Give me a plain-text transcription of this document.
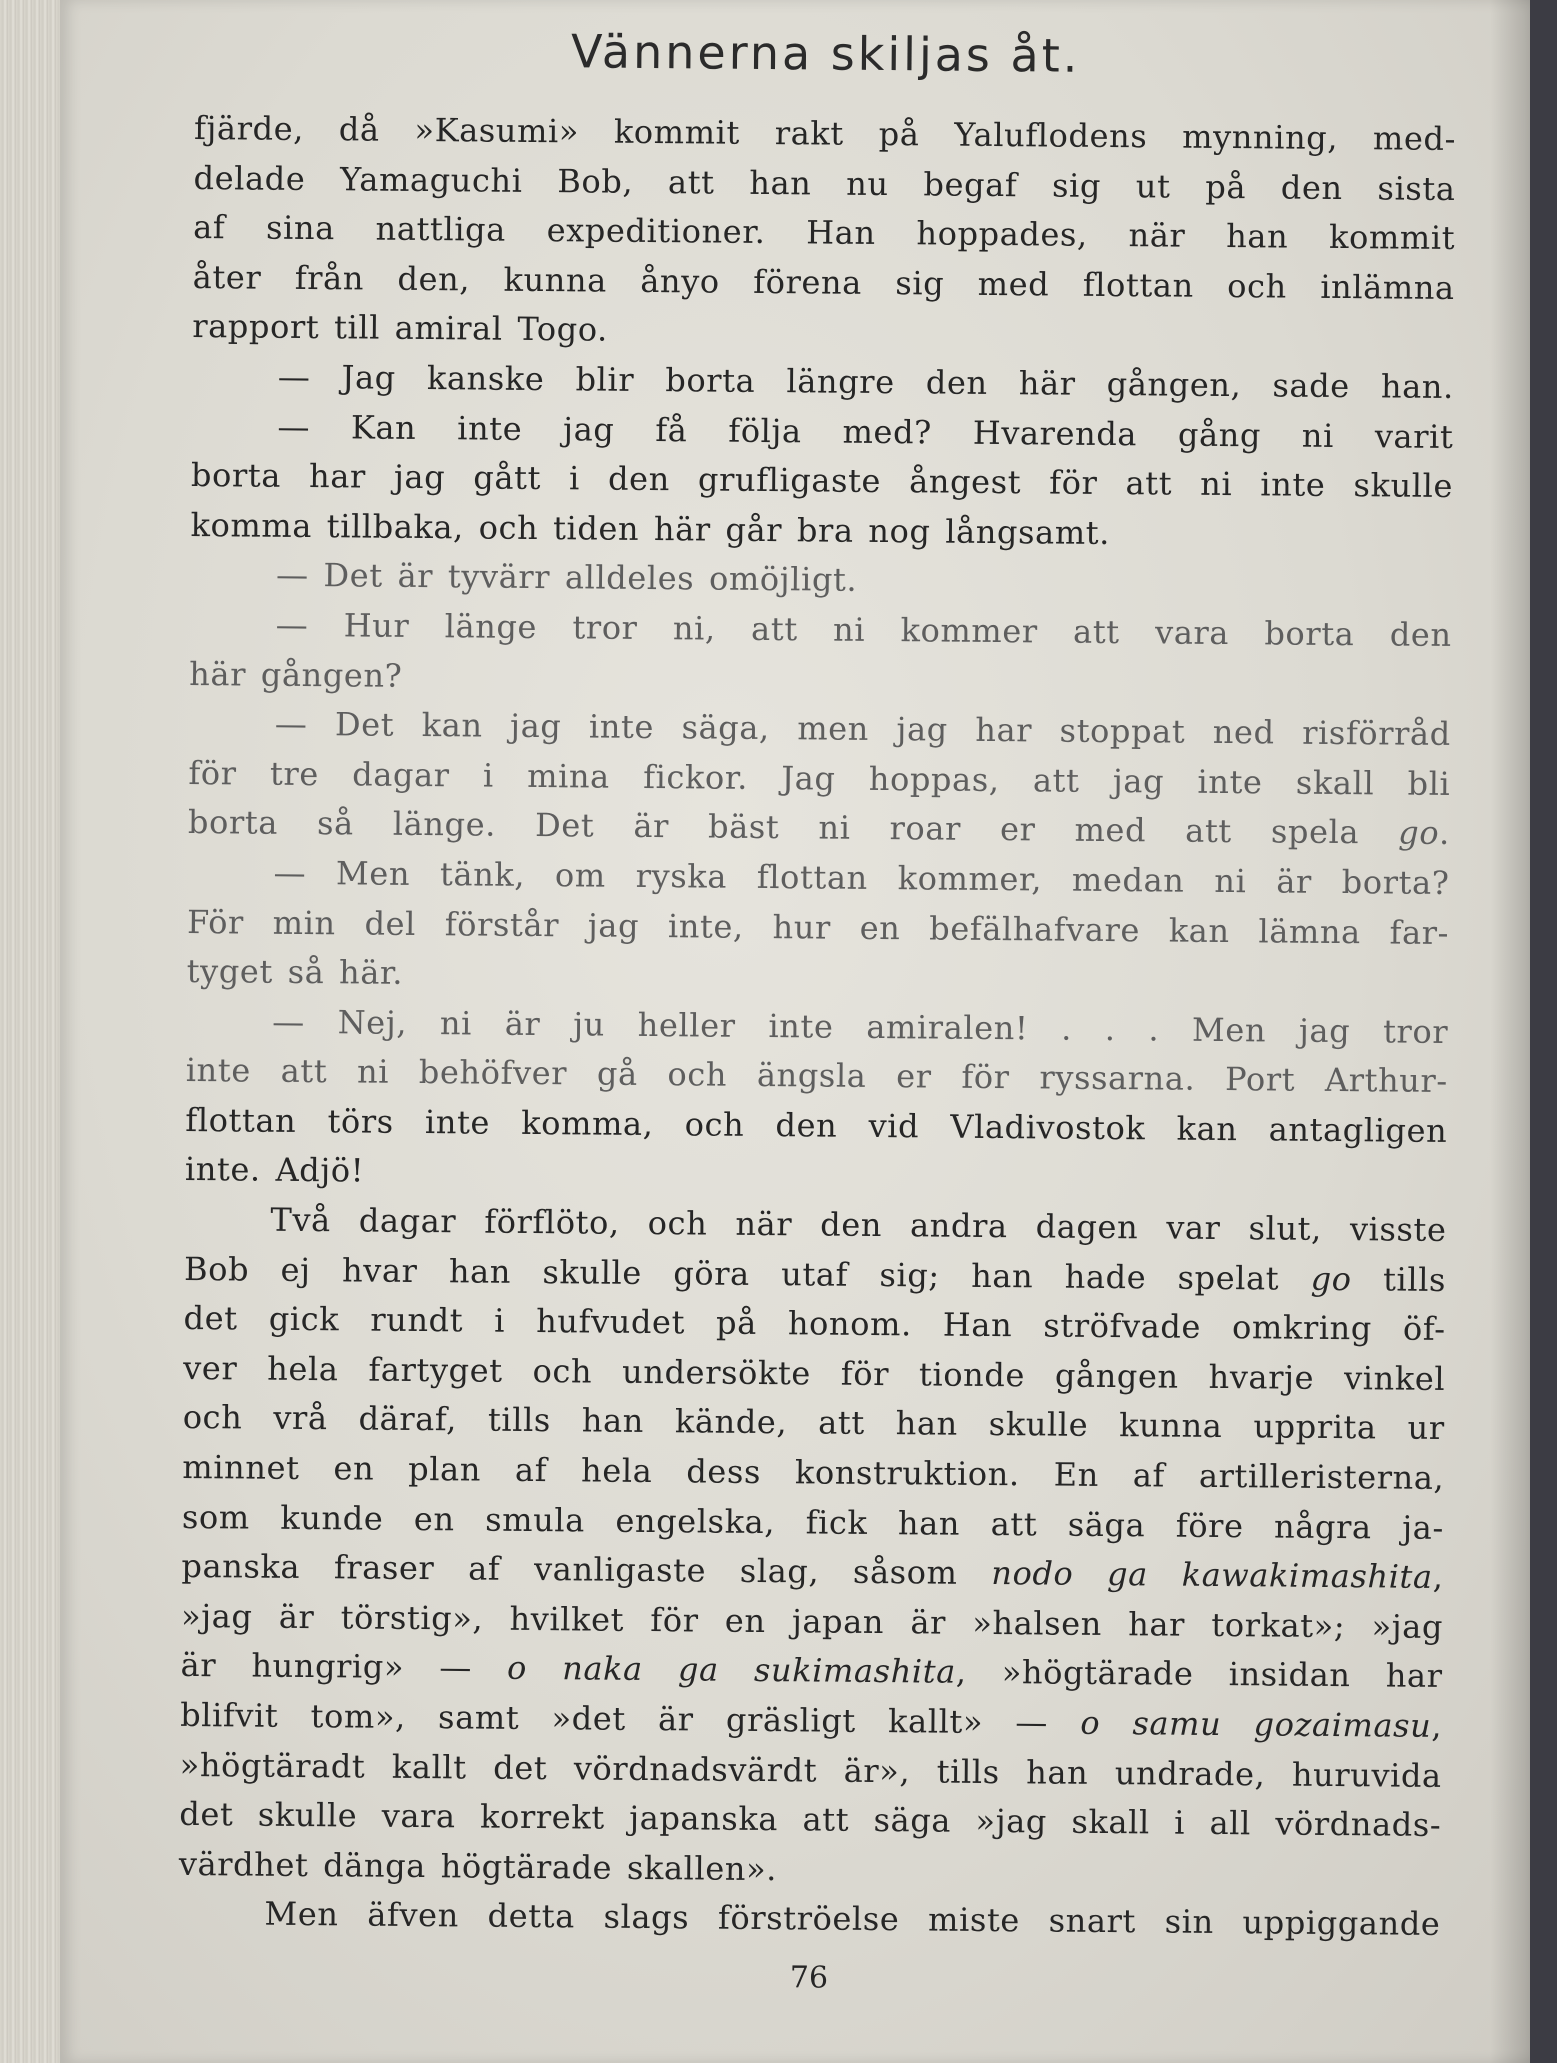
Vännerna skiljas åt.
fjärde, då »Kasumi» kommit rakt på Yaluflodens mynning, med-
delade Yamaguchi Bob, att han nu begaf sig ut på den sista
af sina nattliga expeditioner. Han hoppades, när han kommit
åter från den, kunna ånyo förena sig med flottan och inlämna
rapport till amiral Togo.
— Jag kanske blir borta längre den här gången, sade han.
— Kan inte jag få följa med? Hvarenda gång ni varit
borta har jag gått i den grufligaste ångest för att ni inte skulle
komma tillbaka, och tiden här går bra nog långsamt.
— Det är tyvärr alldeles omöjligt.
— Hur länge tror ni, att ni kommer att vara borta den
här gången?
— Det kan jag inte säga, men jag har stoppat ned risförråd
för tre dagar i mina fickor. Jag hoppas, att jag inte skall bli
borta så länge. Det är bäst ni roar er med att spela go.
— Men tänk, om ryska flottan kommer, medan ni är borta?
För min del förstår jag inte, hur en befälhafvare kan lämna far-
tyget så här.
— Nej, ni är ju heller inte amiralen! . . . Men jag tror
inte att ni behöfver gå och ängsla er för ryssarna. Port Arthur-
flottan törs inte komma, och den vid Vladivostok kan antagligen
inte. Adjö!
Två dagar förflöto, och när den andra dagen var slut, visste
Bob ej hvar han skulle göra utaf sig; han hade spelat go tills
det gick rundt i hufvudet på honom. Han ströfvade omkring öf-
ver hela fartyget och undersökte för tionde gången hvarje vinkel
och vrå däraf, tills han kände, att han skulle kunna upprita ur
minnet en plan af hela dess konstruktion. En af artilleristerna,
som kunde en smula engelska, fick han att säga före några ja-
panska fraser af vanligaste slag, såsom nodo ga kawakimashita,
»jag är törstig», hvilket för en japan är »halsen har torkat»; »jag
är hungrig» — o naka ga sukimashita, »högtärade insidan har
blifvit tom», samt »det är gräsligt kallt» — o samu gozaimasu,
»högtäradt kallt det vördnadsvärdt är», tills han undrade, huruvida
det skulle vara korrekt japanska att säga »jag skall i all vördnads-
värdhet dänga högtärade skallen».
Men äfven detta slags förströelse miste snart sin uppiggande
76
